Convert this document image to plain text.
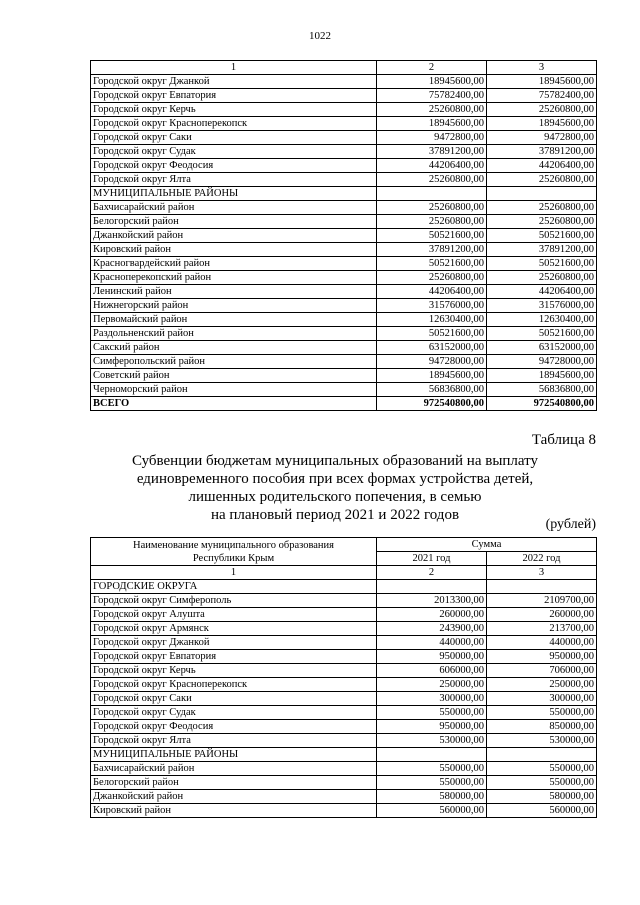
1022
1	2	3
Городской округ Джанкой	18945600,00	18945600,00
Городской округ Евпатория	75782400,00	75782400,00
Городской округ Керчь	25260800,00	25260800,00
Городской округ Красноперекопск	18945600,00	18945600,00
Городской округ Саки	9472800,00	9472800,00
Городской округ Судак	37891200,00	37891200,00
Городской округ Феодосия	44206400,00	44206400,00
Городской округ Ялта	25260800,00	25260800,00
МУНИЦИПАЛЬНЫЕ РАЙОНЫ		
Бахчисарайский район	25260800,00	25260800,00
Белогорский район	25260800,00	25260800,00
Джанкойский район	50521600,00	50521600,00
Кировский район	37891200,00	37891200,00
Красногвардейский район	50521600,00	50521600,00
Красноперекопский район	25260800,00	25260800,00
Ленинский район	44206400,00	44206400,00
Нижнегорский район	31576000,00	31576000,00
Первомайский район	12630400,00	12630400,00
Раздольненский район	50521600,00	50521600,00
Сакский район	63152000,00	63152000,00
Симферопольский район	94728000,00	94728000,00
Советский район	18945600,00	18945600,00
Черноморский район	56836800,00	56836800,00
ВСЕГО	972540800,00	972540800,00
Таблица 8
Субвенции бюджетам муниципальных образований на выплату
единовременного пособия при всех формах устройства детей,
лишенных родительского попечения, в семью
на плановый период 2021 и 2022 годов
(рублей)
Наименование муниципального образования
Республики Крым	Сумма	
	2021 год	2022 год
1	2	3
ГОРОДСКИЕ ОКРУГА		
Городской округ Симферополь	2013300,00	2109700,00
Городской округ Алушта	260000,00	260000,00
Городской округ Армянск	243900,00	213700,00
Городской округ Джанкой	440000,00	440000,00
Городской округ Евпатория	950000,00	950000,00
Городской округ Керчь	606000,00	706000,00
Городской округ Красноперекопск	250000,00	250000,00
Городской округ Саки	300000,00	300000,00
Городской округ Судак	550000,00	550000,00
Городской округ Феодосия	950000,00	850000,00
Городской округ Ялта	530000,00	530000,00
МУНИЦИПАЛЬНЫЕ РАЙОНЫ		
Бахчисарайский район	550000,00	550000,00
Белогорский район	550000,00	550000,00
Джанкойский район	580000,00	580000,00
Кировский район	560000,00	560000,00
